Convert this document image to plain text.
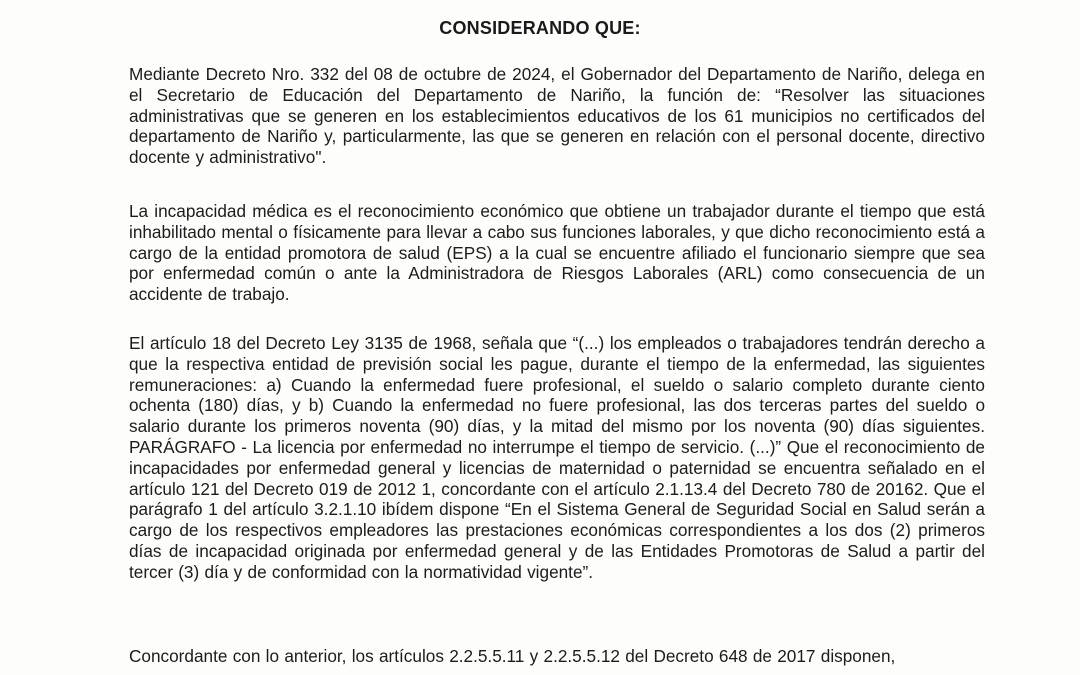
CONSIDERANDO QUE:

Mediante Decreto Nro. 332 del 08 de octubre de 2024, el Gobernador del Departamento de Nariño, delega en el Secretario de Educación del Departamento de Nariño, la función de: “Resolver las situaciones administrativas que se generen en los establecimientos educativos de los 61 municipios no certificados del departamento de Nariño y, particularmente, las que se generen en relación con el personal docente, directivo docente y administrativo".

La incapacidad médica es el reconocimiento económico que obtiene un trabajador durante el tiempo que está inhabilitado mental o físicamente para llevar a cabo sus funciones laborales, y que dicho reconocimiento está a cargo de la entidad promotora de salud (EPS) a la cual se encuentre afiliado el funcionario siempre que sea por enfermedad común o ante la Administradora de Riesgos Laborales (ARL) como consecuencia de un accidente de trabajo.

El artículo 18 del Decreto Ley 3135 de 1968, señala que “(...) los empleados o trabajadores tendrán derecho a que la respectiva entidad de previsión social les pague, durante el tiempo de la enfermedad, las siguientes remuneraciones: a) Cuando la enfermedad fuere profesional, el sueldo o salario completo durante ciento ochenta (180) días, y b) Cuando la enfermedad no fuere profesional, las dos terceras partes del sueldo o salario durante los primeros noventa (90) días, y la mitad del mismo por los noventa (90) días siguientes. PARÁGRAFO - La licencia por enfermedad no interrumpe el tiempo de servicio. (...)” Que el reconocimiento de incapacidades por enfermedad general y licencias de maternidad o paternidad se encuentra señalado en el artículo 121 del Decreto 019 de 2012 1, concordante con el artículo 2.1.13.4 del Decreto 780 de 20162. Que el parágrafo 1 del artículo 3.2.1.10 ibídem dispone “En el Sistema General de Seguridad Social en Salud serán a cargo de los respectivos empleadores las prestaciones económicas correspondientes a los dos (2) primeros días de incapacidad originada por enfermedad general y de las Entidades Promotoras de Salud a partir del tercer (3) día y de conformidad con la normatividad vigente”.

Concordante con lo anterior, los artículos 2.2.5.5.11 y 2.2.5.5.12 del Decreto 648 de 2017 disponen,
